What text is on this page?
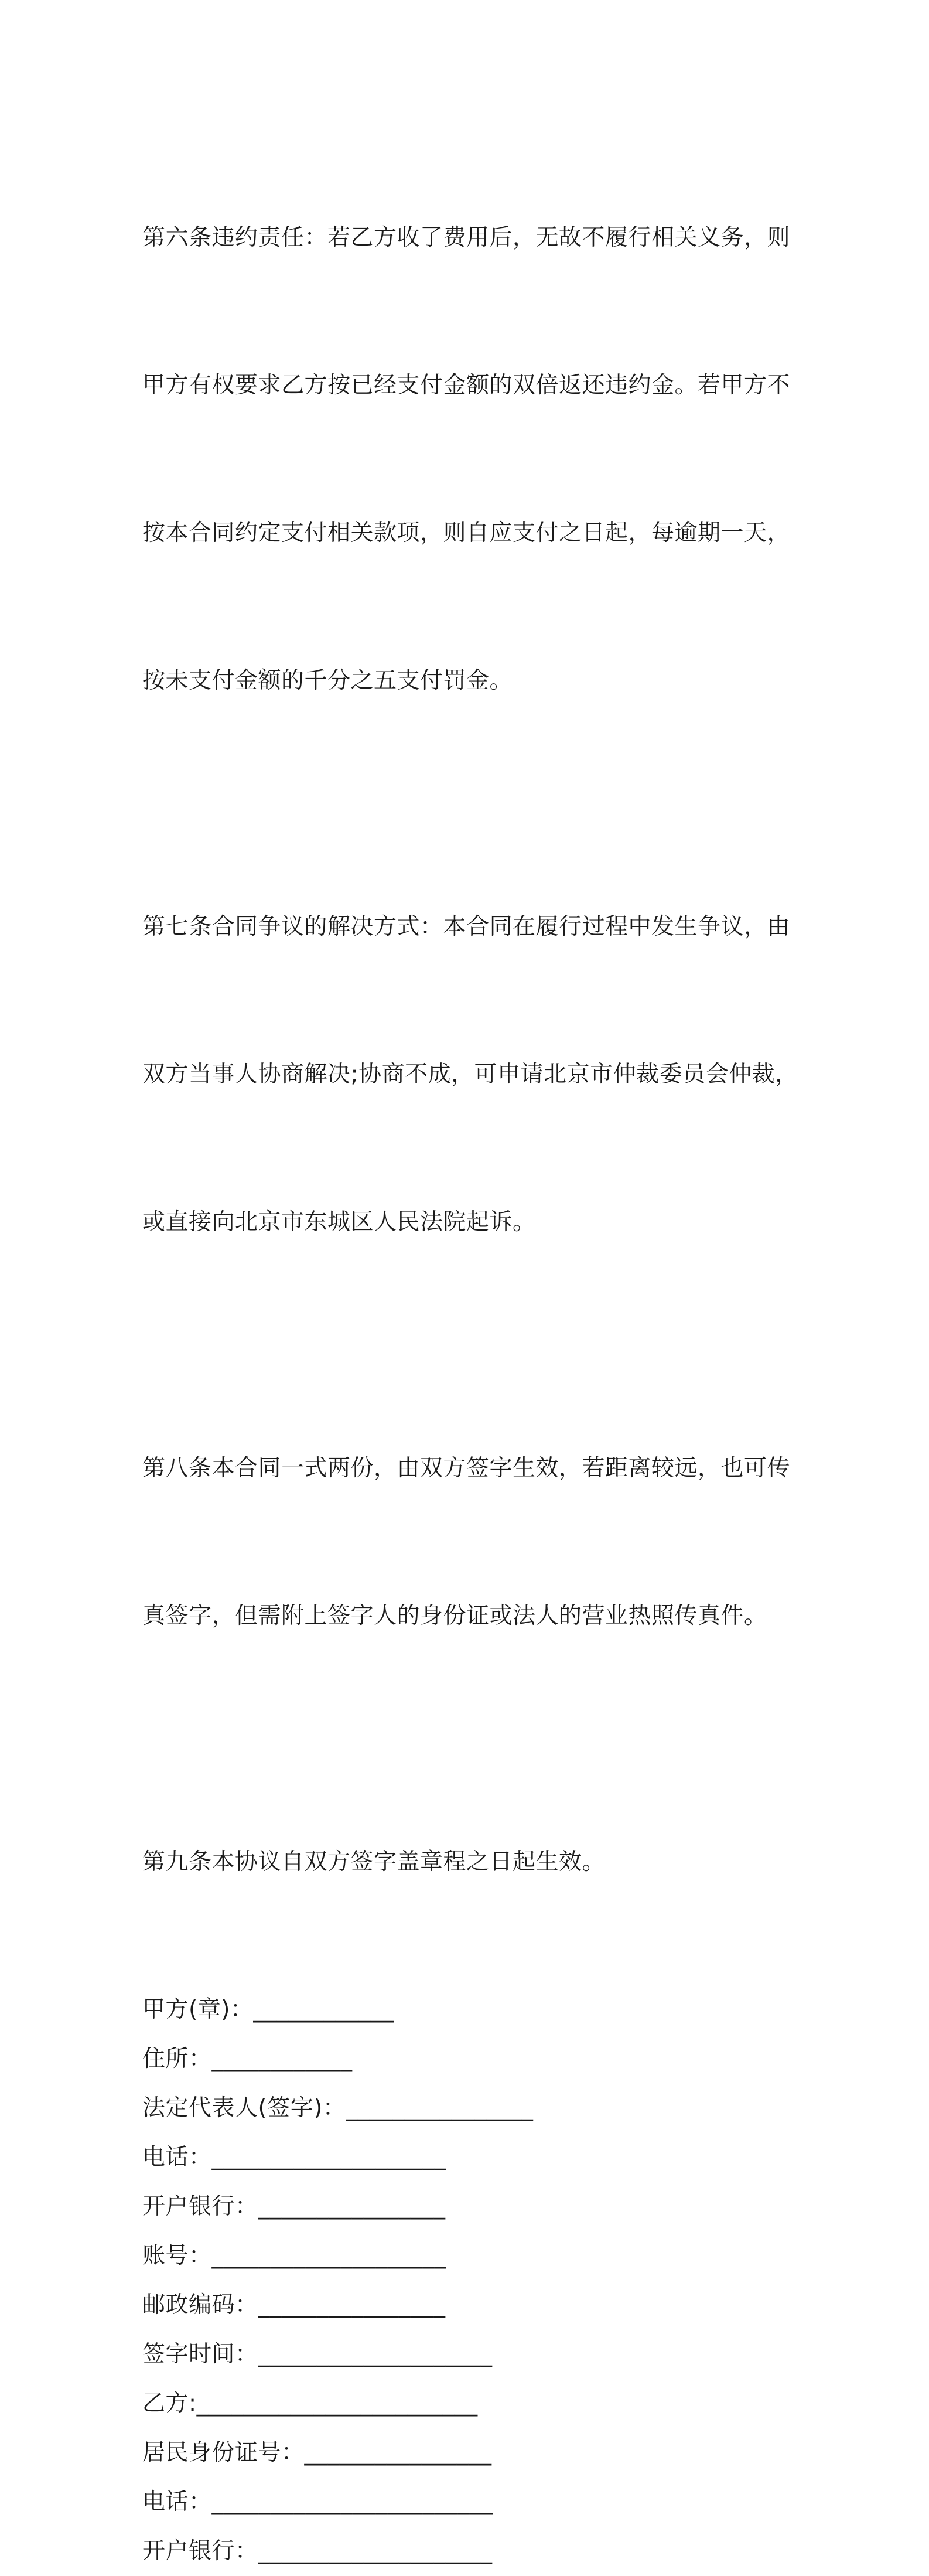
第六条违约责任：若乙方收了费用后，无故不履行相关义务，则

甲方有权要求乙方按已经支付金额的双倍返还违约金。若甲方不

按本合同约定支付相关款项，则自应支付之日起，每逾期一天，

按未支付金额的千分之五支付罚金。

第七条合同争议的解决方式：本合同在履行过程中发生争议，由

双方当事人协商解决;协商不成，可申请北京市仲裁委员会仲裁，

或直接向北京市东城区人民法院起诉。

第八条本合同一式两份，由双方签字生效，若距离较远，也可传

真签字，但需附上签字人的身份证或法人的营业热照传真件。

第九条本协议自双方签字盖章程之日起生效。

甲方(章)：____________
住所：____________
法定代表人(签字)：________________
电话：____________________
开户银行：________________
账号：____________________
邮政编码：________________
签字时间：____________________
乙方:________________________
居民身份证号：________________
电话：________________________
开户银行：____________________
